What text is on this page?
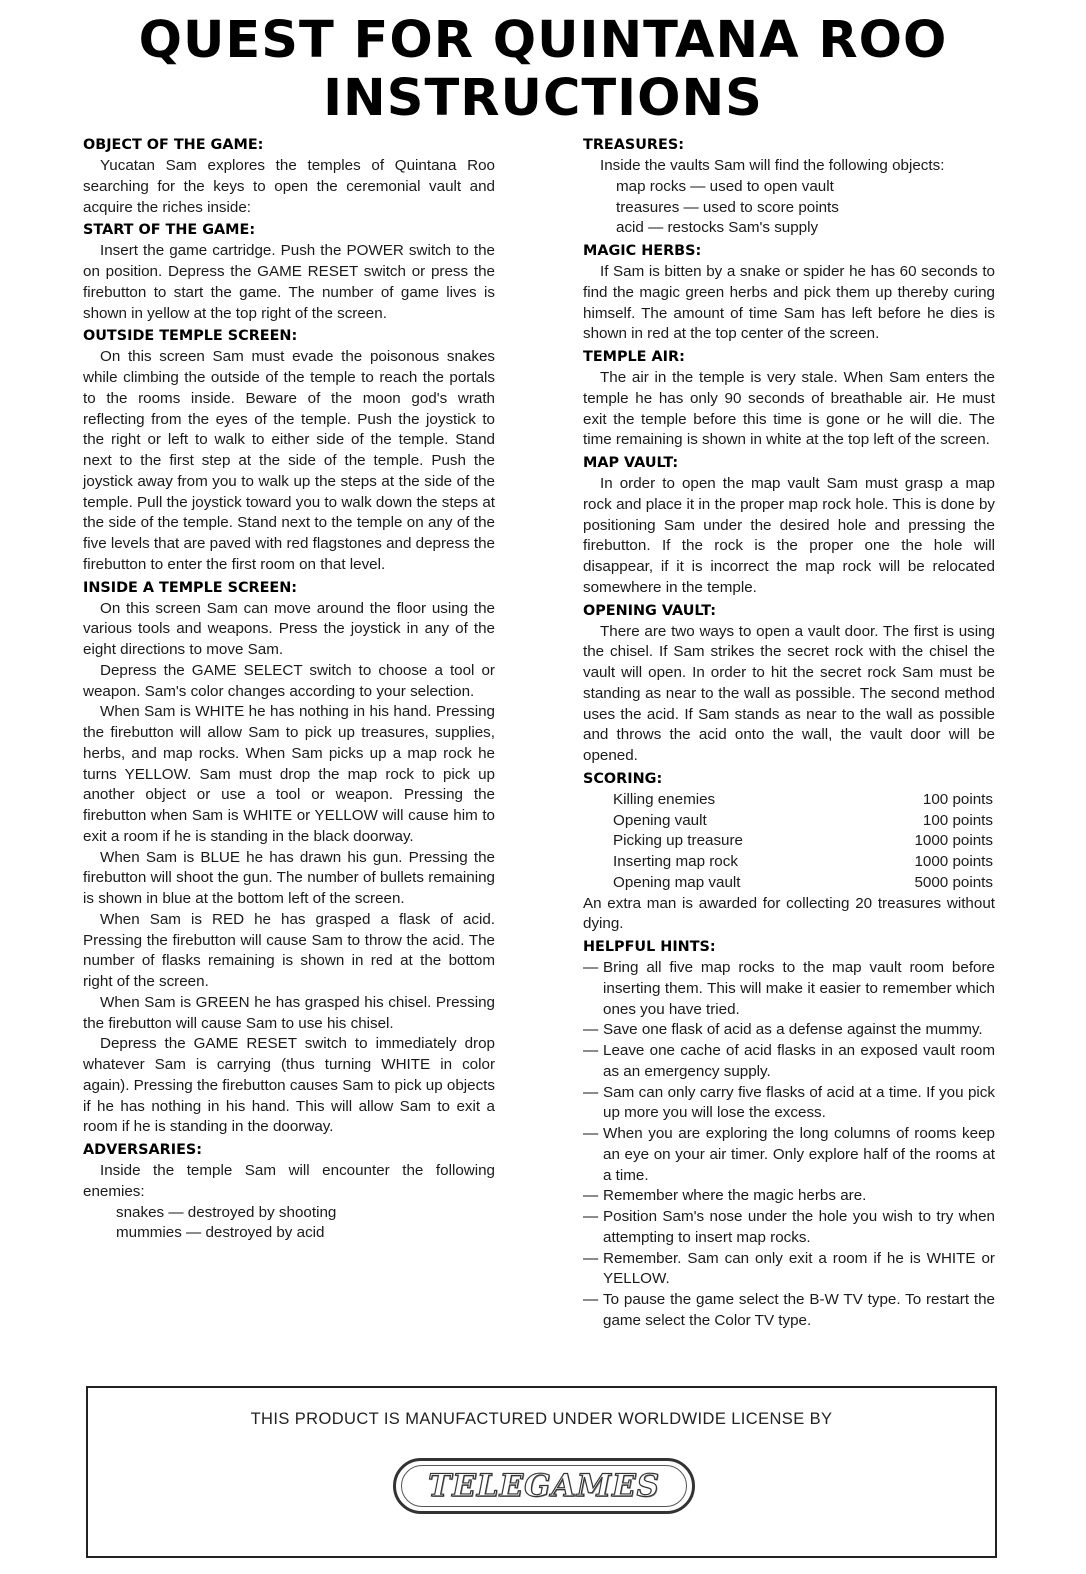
QUEST FOR QUINTANA ROO
INSTRUCTIONS
OBJECT OF THE GAME:

Yucatan Sam explores the temples of Quintana Roo searching for the keys to open the ceremonial vault and acquire the riches inside:

START OF THE GAME:

Insert the game cartridge. Push the POWER switch to the on position. Depress the GAME RESET switch or press the firebutton to start the game. The number of game lives is shown in yellow at the top right of the screen.

OUTSIDE TEMPLE SCREEN:

On this screen Sam must evade the poisonous snakes while climbing the outside of the temple to reach the portals to the rooms inside. Beware of the moon god's wrath reflecting from the eyes of the temple. Push the joystick to the right or left to walk to either side of the temple. Stand next to the first step at the side of the temple. Push the joystick away from you to walk up the steps at the side of the temple. Pull the joystick toward you to walk down the steps at the side of the temple. Stand next to the temple on any of the five levels that are paved with red flagstones and depress the firebutton to enter the first room on that level.

INSIDE A TEMPLE SCREEN:

On this screen Sam can move around the floor using the various tools and weapons. Press the joystick in any of the eight directions to move Sam.

Depress the GAME SELECT switch to choose a tool or weapon. Sam's color changes according to your selection.

When Sam is WHITE he has nothing in his hand. Pressing the firebutton will allow Sam to pick up treasures, supplies, herbs, and map rocks. When Sam picks up a map rock he turns YELLOW. Sam must drop the map rock to pick up another object or use a tool or weapon. Pressing the firebutton when Sam is WHITE or YELLOW will cause him to exit a room if he is standing in the black doorway.

When Sam is BLUE he has drawn his gun. Pressing the firebutton will shoot the gun. The number of bullets remaining is shown in blue at the bottom left of the screen.

When Sam is RED he has grasped a flask of acid. Pressing the firebutton will cause Sam to throw the acid. The number of flasks remaining is shown in red at the bottom right of the screen.

When Sam is GREEN he has grasped his chisel. Pressing the firebutton will cause Sam to use his chisel.

Depress the GAME RESET switch to immediately drop whatever Sam is carrying (thus turning WHITE in color again). Pressing the firebutton causes Sam to pick up objects if he has nothing in his hand. This will allow Sam to exit a room if he is standing in the doorway.

ADVERSARIES:

Inside the temple Sam will encounter the following enemies:

snakes — destroyed by shooting
mummies — destroyed by acid
TREASURES:

Inside the vaults Sam will find the following objects:

map rocks — used to open vault
treasures — used to score points
acid — restocks Sam's supply
MAGIC HERBS:

If Sam is bitten by a snake or spider he has 60 seconds to find the magic green herbs and pick them up thereby curing himself. The amount of time Sam has left before he dies is shown in red at the top center of the screen.

TEMPLE AIR:

The air in the temple is very stale. When Sam enters the temple he has only 90 seconds of breathable air. He must exit the temple before this time is gone or he will die. The time remaining is shown in white at the top left of the screen.

MAP VAULT:

In order to open the map vault Sam must grasp a map rock and place it in the proper map rock hole. This is done by positioning Sam under the desired hole and pressing the firebutton. If the rock is the proper one the hole will disappear, if it is incorrect the map rock will be relocated somewhere in the temple.

OPENING VAULT:

There are two ways to open a vault door. The first is using the chisel. If Sam strikes the secret rock with the chisel the vault will open. In order to hit the secret rock Sam must be standing as near to the wall as possible. The second method uses the acid. If Sam stands as near to the wall as possible and throws the acid onto the wall, the vault door will be opened.

SCORING:
Killing enemies	100 points
Opening vault	100 points
Picking up treasure	1000 points
Inserting map rock	1000 points
Opening map vault	5000 points

An extra man is awarded for collecting 20 treasures without dying.

HELPFUL HINTS:
— Bring all five map rocks to the map vault room before inserting them. This will make it easier to remember which ones you have tried.
— Save one flask of acid as a defense against the mummy.
— Leave one cache of acid flasks in an exposed vault room as an emergency supply.
— Sam can only carry five flasks of acid at a time. If you pick up more you will lose the excess.
— When you are exploring the long columns of rooms keep an eye on your air timer. Only explore half of the rooms at a time.
— Remember where the magic herbs are.
— Position Sam's nose under the hole you wish to try when attempting to insert map rocks.
— Remember. Sam can only exit a room if he is WHITE or YELLOW.
— To pause the game select the B-W TV type. To restart the game select the Color TV type.
THIS PRODUCT IS MANUFACTURED UNDER WORLDWIDE LICENSE BY
TELEGAMES
